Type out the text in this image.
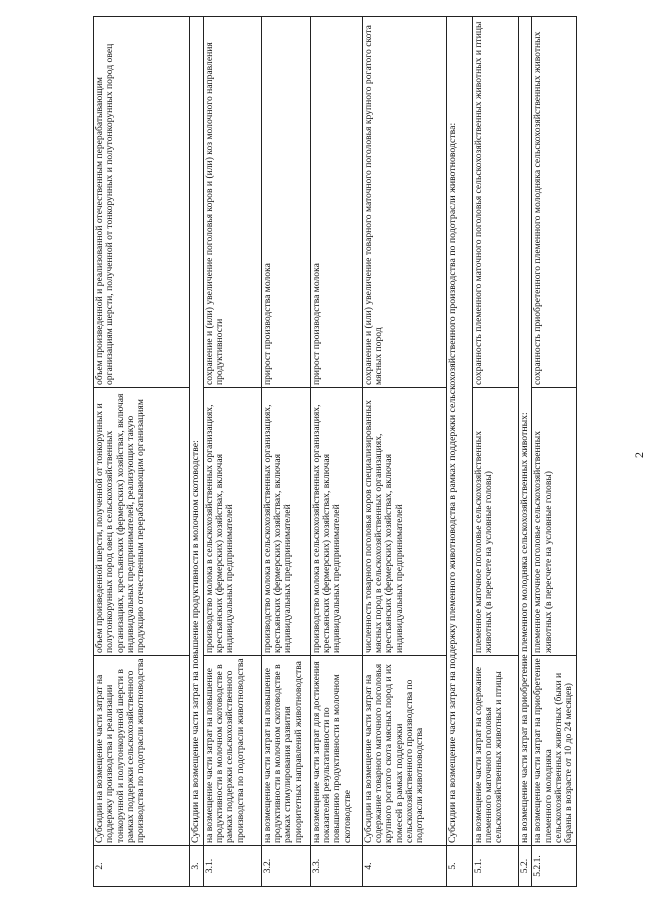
2
2.	Субсидии на возмещение части затрат на поддержку производства и реализации тонкорунной и полутонкорунной шерсти в рамках поддержки сельскохозяйственного производства по подотрасли животноводства	объем произведенной шерсти, полученной от тонкорунных и полутонкорунных пород овец в сельскохозяйственных организациях, крестьянских (фермерских) хозяйствах, включая индивидуальных предпринимателей, реализующих такую продукцию отечественным перерабатывающим организациям	объем произведенной и реализованной отечественным перерабатывающим организациям шерсти, полученной от тонкорунных и полутонкорунных пород овец
3.	Субсидии на возмещение части затрат на повышение продуктивности в молочном скотоводстве:		
3.1.	на возмещение части затрат на повышение продуктивности в молочном скотоводстве в рамках поддержки сельскохозяйственного производства по подотрасли животноводства	производство молока в сельскохозяйственных организациях, крестьянских (фермерских) хозяйствах, включая индивидуальных предпринимателей	сохранение и (или) увеличение поголовья коров и (или) коз молочного направления продуктивности
3.2.	на возмещение части затрат на повышение продуктивности в молочном скотоводстве в рамках стимулирования развития приоритетных направлений животноводства	производство молока в сельскохозяйственных организациях, крестьянских (фермерских) хозяйствах, включая индивидуальных предпринимателей	прирост производства молока
3.3.	на возмещение части затрат для достижения показателей результативности по повышению продуктивности в молочном скотоводстве	производство молока в сельскохозяйственных организациях, крестьянских (фермерских) хозяйствах, включая индивидуальных предпринимателей	прирост производства молока
4.	Субсидии на возмещение части затрат на содержание товарного маточного поголовья крупного рогатого скота мясных пород и их помесей в рамках поддержки сельскохозяйственного производства по подотрасли животноводства	численность товарного поголовья коров специализированных мясных пород в сельскохозяйственных организациях, крестьянских (фермерских) хозяйствах, включая индивидуальных предпринимателей	сохранение и (или) увеличение товарного маточного поголовья крупного рогатого скота мясных пород
5.	Субсидии на возмещение части затрат на поддержку племенного животноводства в рамках поддержки сельскохозяйственного производства по подотрасли животноводства:		
5.1.	на возмещение части затрат на содержание племенного маточного поголовья сельскохозяйственных животных и птицы	племенное маточное поголовье сельскохозяйственных животных (в пересчете на условные головы)	сохранность племенного маточного поголовья сельскохозяйственных животных и птицы
5.2.	на возмещение части затрат на приобретение племенного молодняка сельскохозяйственных животных:		
5.2.1.	на возмещение части затрат на приобретение племенного молодняка сельскохозяйственных животных (быки и бараны в возрасте от 10 до 24 месяцев)	племенное маточное поголовье сельскохозяйственных животных (в пересчете на условные головы)	сохранность приобретенного племенного молодняка сельскохозяйственных животных
